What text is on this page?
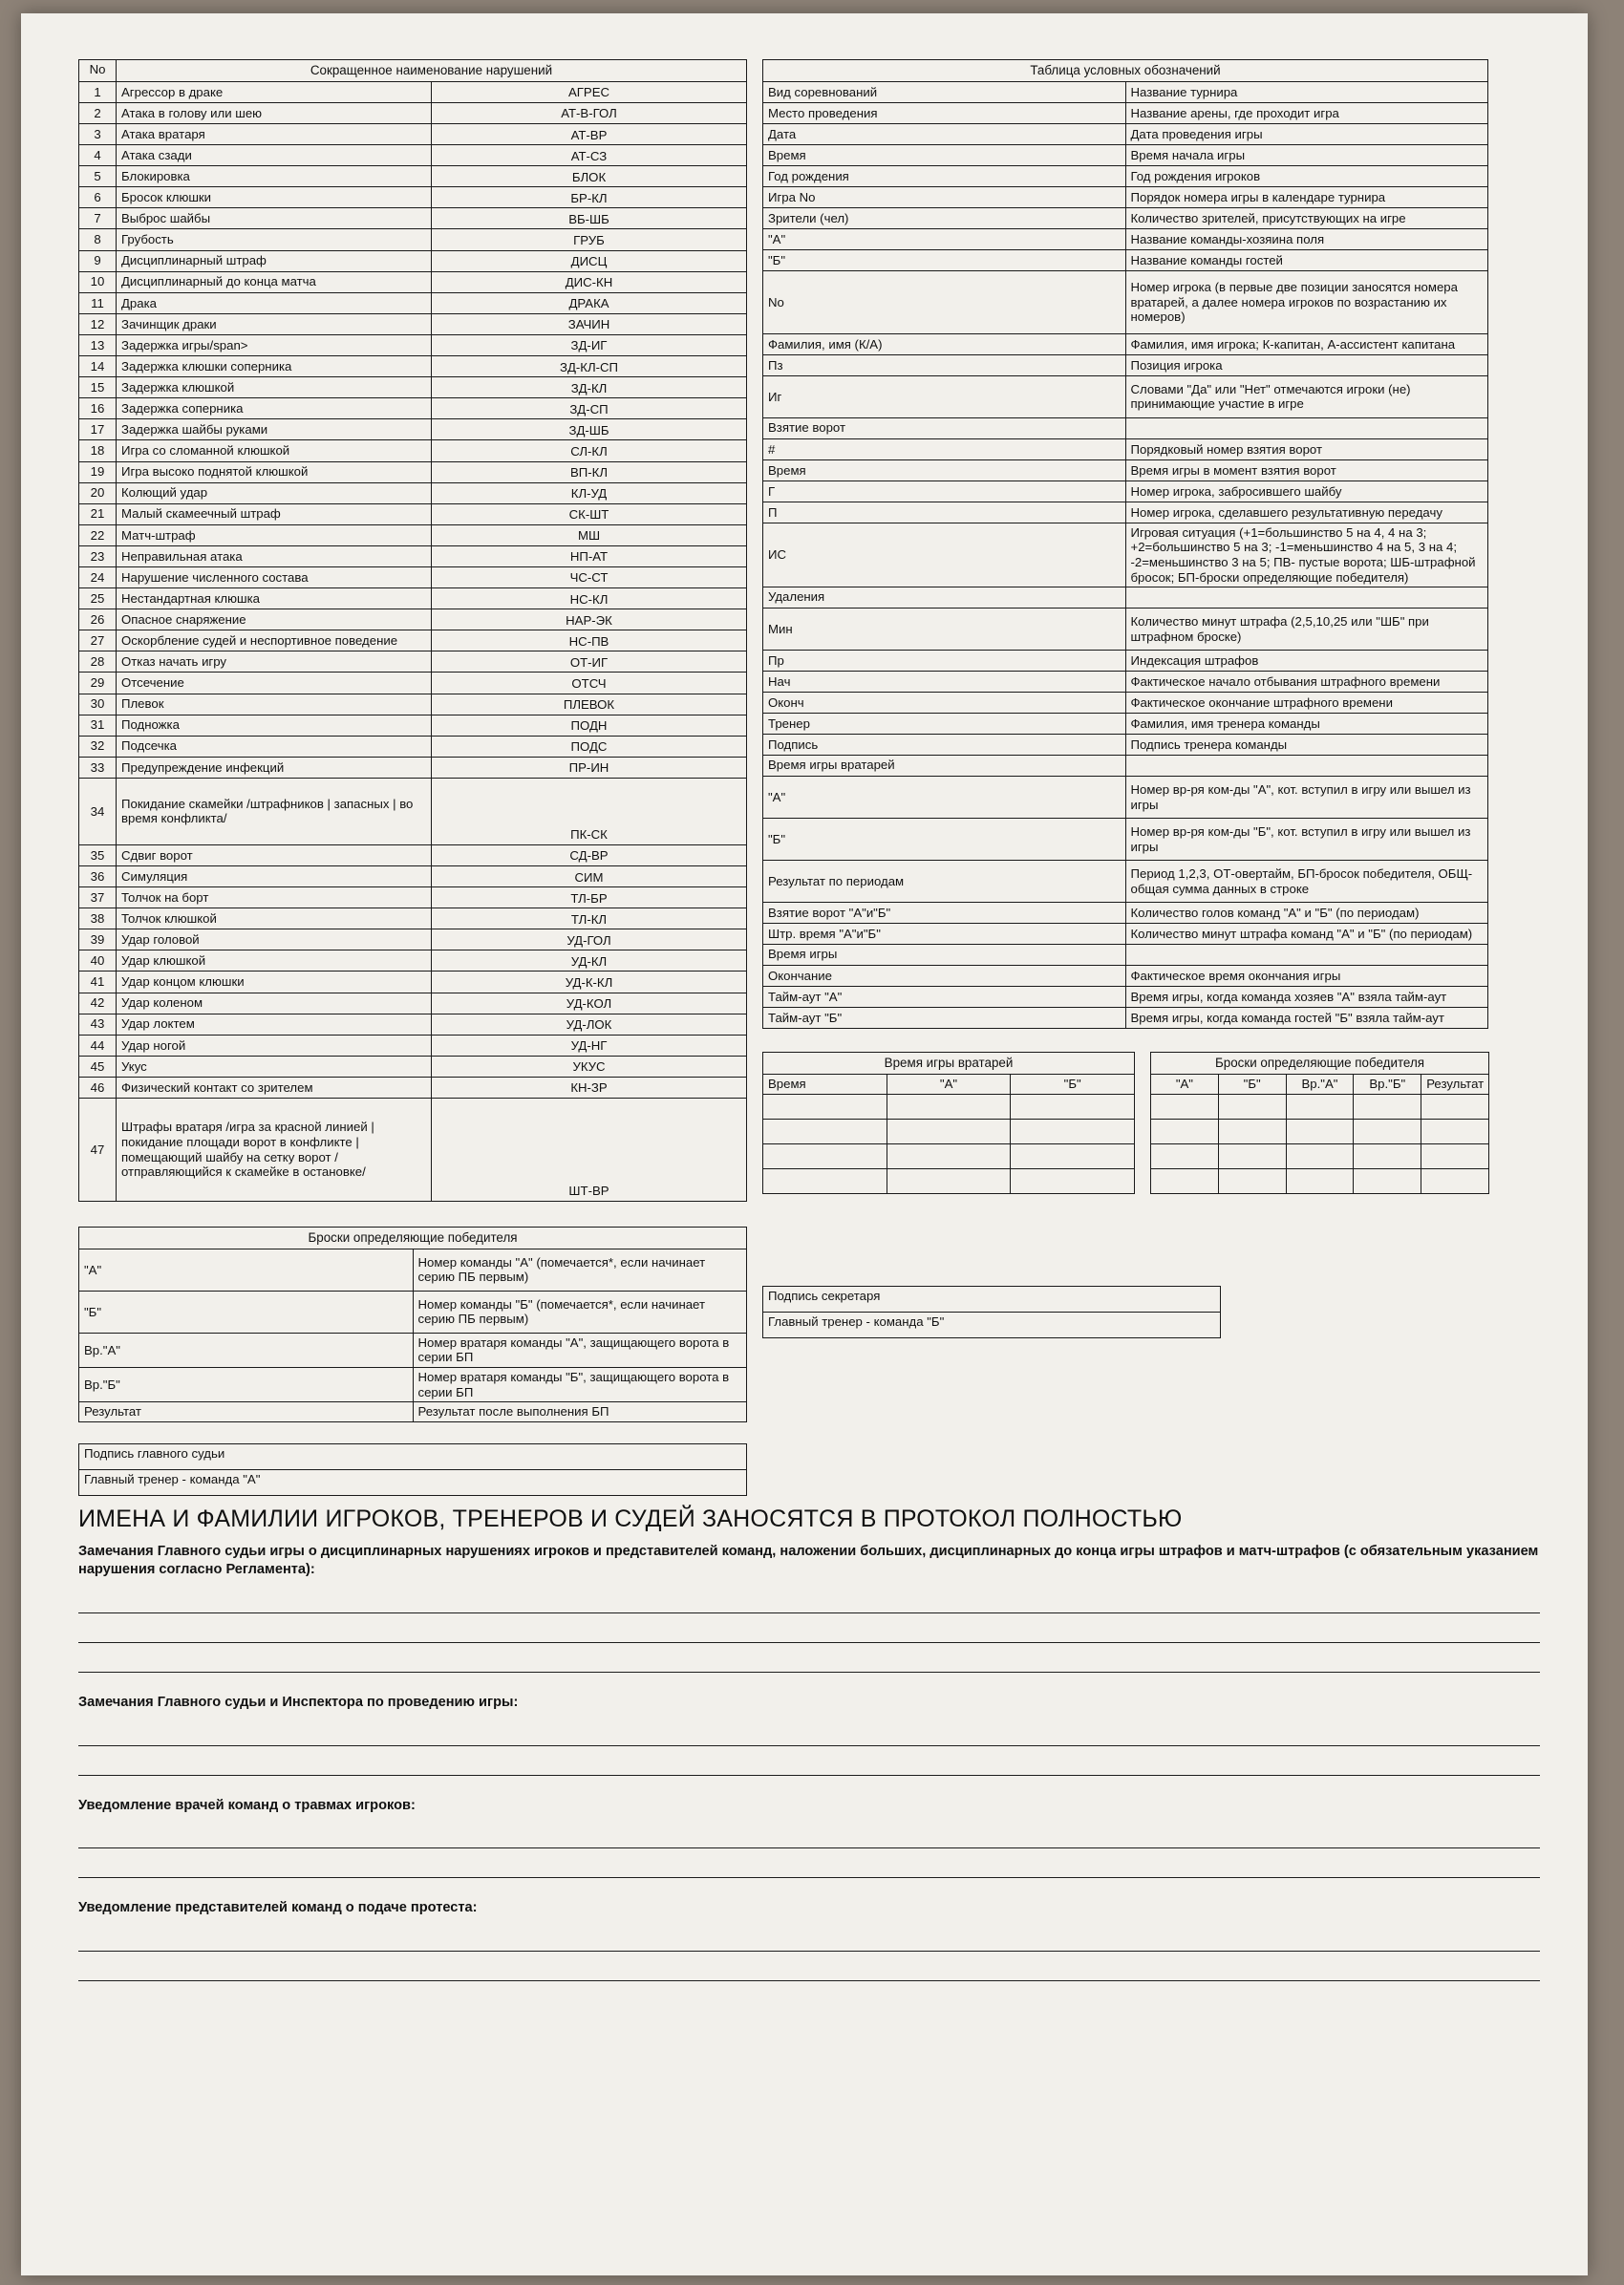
No	Сокращенное наименование нарушений	
1	Агрессор в драке	АГРЕС
2	Атака в голову или шею	АТ-В-ГОЛ
3	Атака вратаря	АТ-ВР
4	Атака сзади	АТ-СЗ
5	Блокировка	БЛОК
6	Бросок клюшки	БР-КЛ
7	Выброс шайбы	ВБ-ШБ
8	Грубость	ГРУБ
9	Дисциплинарный штраф	ДИСЦ
10	Дисциплинарный до конца матча	ДИС-КН
11	Драка	ДРАКА
12	Зачинщик драки	ЗАЧИН
13	Задержка игры/span>	ЗД-ИГ
14	Задержка клюшки соперника	ЗД-КЛ-СП
15	Задержка клюшкой	ЗД-КЛ
16	Задержка соперника	ЗД-СП
17	Задержка шайбы руками	ЗД-ШБ
18	Игра со сломанной клюшкой	СЛ-КЛ
19	Игра высоко поднятой клюшкой	ВП-КЛ
20	Колющий удар	КЛ-УД
21	Малый скамеечный штраф	СК-ШТ
22	Матч-штраф	МШ
23	Неправильная атака	НП-АТ
24	Нарушение численного состава	ЧС-СТ
25	Нестандартная клюшка	НС-КЛ
26	Опасное снаряжение	НАР-ЭК
27	Оскорбление судей и неспортивное поведение	НС-ПВ
28	Отказ начать игру	ОТ-ИГ
29	Отсечение	ОТСЧ
30	Плевок	ПЛЕВОК
31	Подножка	ПОДН
32	Подсечка	ПОДС
33	Предупреждение инфекций	ПР-ИН
34	Покидание скамейки /штрафников | запасных | во время конфликта/	ПК-СК
35	Сдвиг ворот	СД-ВР
36	Симуляция	СИМ
37	Толчок на борт	ТЛ-БР
38	Толчок клюшкой	ТЛ-КЛ
39	Удар головой	УД-ГОЛ
40	Удар клюшкой	УД-КЛ
41	Удар концом клюшки	УД-К-КЛ
42	Удар коленом	УД-КОЛ
43	Удар локтем	УД-ЛОК
44	Удар ногой	УД-НГ
45	Укус	УКУС
46	Физический контакт со зрителем	КН-ЗР
47	Штрафы вратаря /игра за красной линией | покидание площади ворот в конфликте | помещающий шайбу на сетку ворот /отправляющийся к скамейке в остановке/	ШТ-ВР
Броски определяющие победителя	
"А"	Номер команды "А" (помечается*, если начинает серию ПБ первым)
"Б"	Номер команды "Б" (помечается*, если начинает серию ПБ первым)
Вр."А"	Номер вратаря команды "А", защищающего ворота в серии БП
Вр."Б"	Номер вратаря команды "Б", защищающего ворота в серии БП
Результат	Результат после выполнения БП
Подпись главного судьи
Главный тренер - команда "А"
Таблица условных обозначений	
Вид соревнований	Название турнира
Место проведения	Название арены, где проходит игра
Дата	Дата проведения игры
Время	Время начала игры
Год рождения	Год рождения игроков
Игра No	Порядок номера игры в календаре турнира
Зрители (чел)	Количество зрителей, присутствующих на игре
"А"	Название команды-хозяина поля
"Б"	Название команды гостей
No	Номер игрока (в первые две позиции заносятся номера вратарей, а далее номера игроков по возрастанию их номеров)
Фамилия, имя (К/А)	Фамилия, имя игрока; К-капитан, А-ассистент капитана
Пз	Позиция игрока
Иг	Словами "Да" или "Нет" отмечаются игроки (не) принимающие участие в игре
Взятие ворот	
#	Порядковый номер взятия ворот
Время	Время игры в момент взятия ворот
Г	Номер игрока, забросившего шайбу
П	Номер игрока, сделавшего результативную передачу
ИС	Игровая ситуация (+1=большинство 5 на 4, 4 на 3; +2=большинство 5 на 3; -1=меньшинство 4 на 5, 3 на 4; -2=меньшинство 3 на 5; ПВ- пустые ворота; ШБ-штрафной бросок; БП-броски определяющие победителя)
Удаления	
Мин	Количество минут штрафа (2,5,10,25 или "ШБ" при штрафном броске)
Пр	Индексация штрафов
Нач	Фактическое начало отбывания штрафного времени
Оконч	Фактическое окончание штрафного времени
Тренер	Фамилия, имя тренера команды
Подпись	Подпись тренера команды
Время игры вратарей	
"А"	Номер вр-ря ком-ды "А", кот. вступил в игру или вышел из игры
"Б"	Номер вр-ря ком-ды "Б", кот. вступил в игру или вышел из игры
Результат по периодам	Период 1,2,3, ОТ-овертайм, БП-бросок победителя, ОБЩ-общая сумма данных в строке
Взятие ворот "А"и"Б"	Количество голов команд "А" и "Б" (по периодам)
Штр. время "А"и"Б"	Количество минут штрафа команд "А" и "Б" (по периодам)
Время игры	
Окончание	Фактическое время окончания игры
Тайм-аут "А"	Время игры, когда команда хозяев "А" взяла тайм-аут
Тайм-аут "Б"	Время игры, когда команда гостей "Б" взяла тайм-аут
Время игры вратарей		
Время	"А"	"Б"

Броски определяющие победителя				
"А"	"Б"	Вр."А"	Вр."Б"	Результат

Подпись секретаря
Главный тренер - команда "Б"
ИМЕНА И ФАМИЛИИ ИГРОКОВ, ТРЕНЕРОВ И СУДЕЙ ЗАНОСЯТСЯ В ПРОТОКОЛ ПОЛНОСТЬЮ
Замечания Главного судьи игры о дисциплинарных нарушениях игроков и представителей команд, наложении больших, дисциплинарных до конца игры штрафов и матч-штрафов (с обязательным указанием нарушения согласно Регламента):
Замечания Главного судьи и Инспектора по проведению игры:
Уведомление врачей команд о травмах игроков:
Уведомление представителей команд о подаче протеста:
